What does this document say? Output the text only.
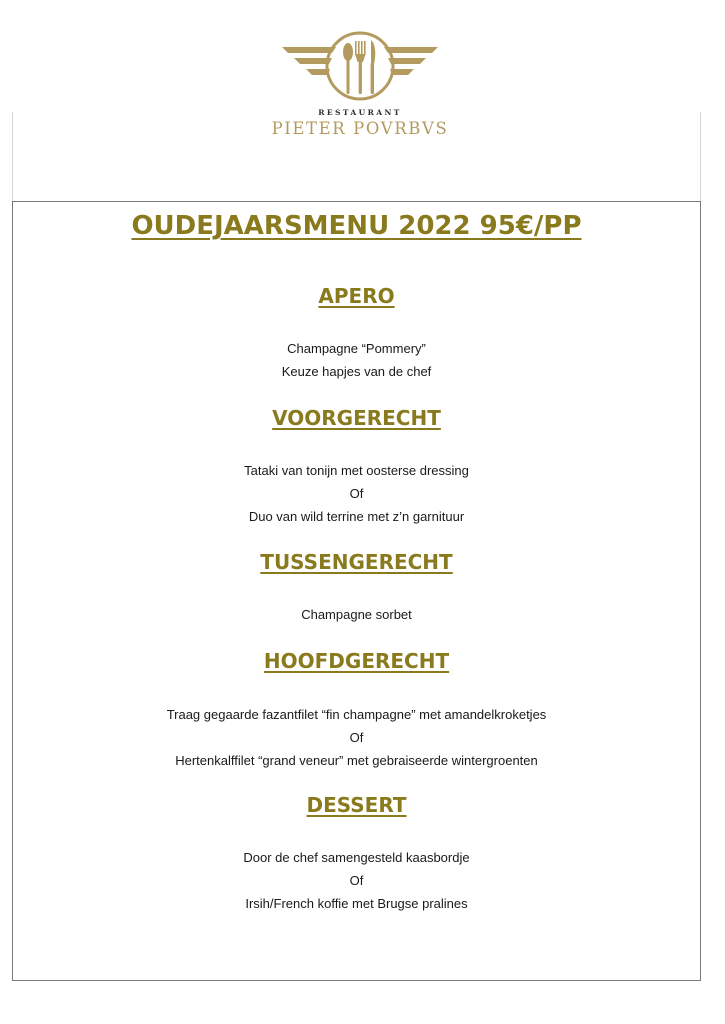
RESTAURANT
PIETER POVRBVS
OUDEJAARSMENU 2022 95€/PP
APERO
Champagne “Pommery”
Keuze hapjes van de chef
VOORGERECHT
Tataki van tonijn met oosterse dressing
Of
Duo van wild terrine met z’n garnituur
TUSSENGERECHT
Champagne sorbet
HOOFDGERECHT
Traag gegaarde fazantfilet “fin champagne” met amandelkroketjes
Of
Hertenkalffilet “grand veneur” met gebraiseerde wintergroenten
DESSERT
Door de chef samengesteld kaasbordje
Of
Irsih/French koffie met Brugse pralines
